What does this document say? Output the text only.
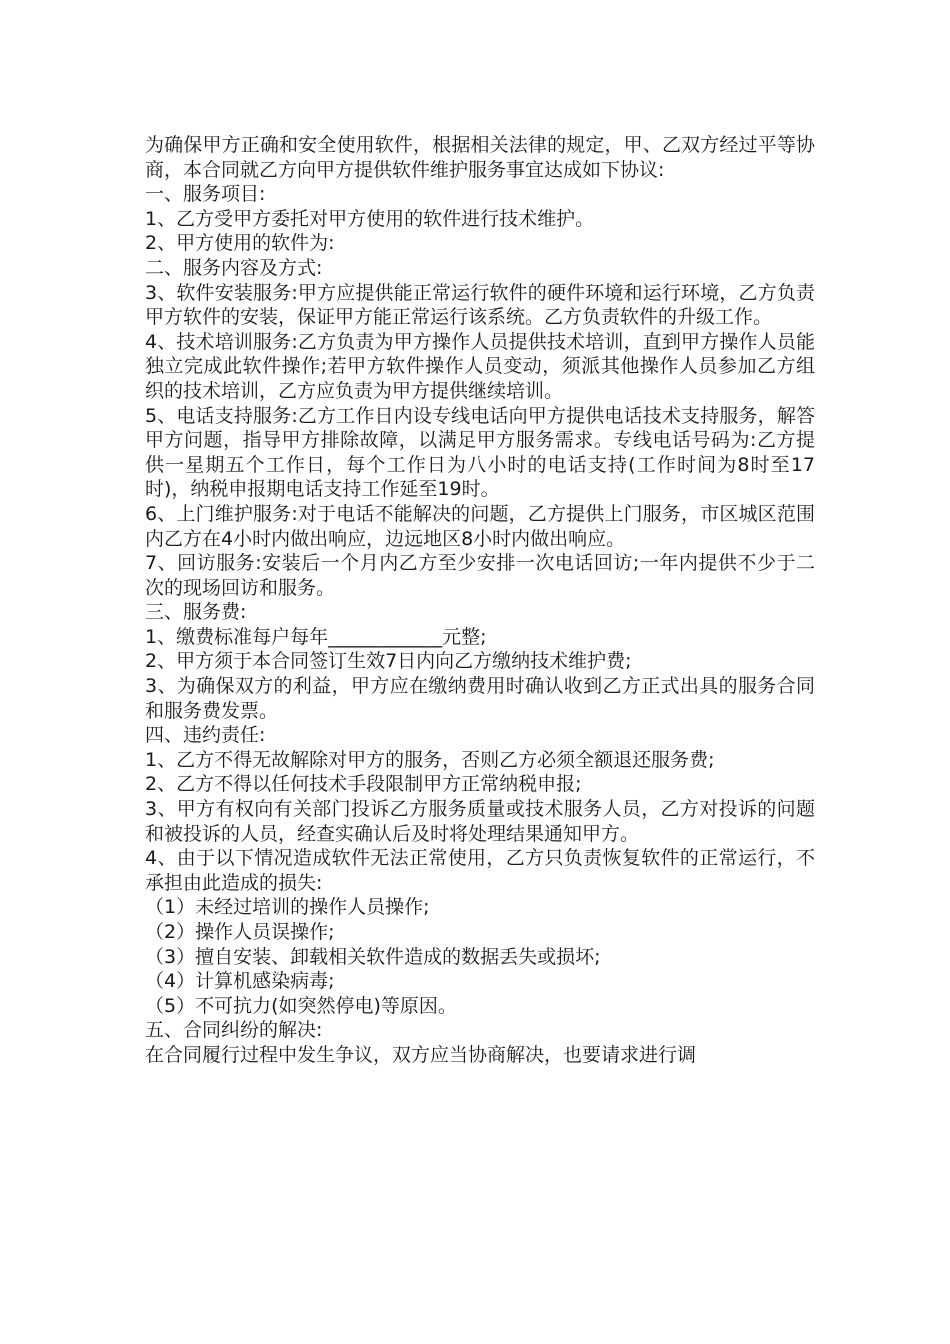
为确保甲方正确和安全使用软件，根据相关法律的规定，甲、乙双方经过平等协商，本合同就乙方向甲方提供软件维护服务事宜达成如下协议:

一、服务项目:

1、乙方受甲方委托对甲方使用的软件进行技术维护。

2、甲方使用的软件为:

二、服务内容及方式:

3、软件安装服务:甲方应提供能正常运行软件的硬件环境和运行环境，乙方负责甲方软件的安装，保证甲方能正常运行该系统。乙方负责软件的升级工作。

4、技术培训服务:乙方负责为甲方操作人员提供技术培训，直到甲方操作人员能独立完成此软件操作;若甲方软件操作人员变动，须派其他操作人员参加乙方组织的技术培训，乙方应负责为甲方提供继续培训。

5、电话支持服务:乙方工作日内设专线电话向甲方提供电话技术支持服务，解答甲方问题，指导甲方排除故障，以满足甲方服务需求。专线电话号码为:乙方提供一星期五个工作日，每个工作日为八小时的电话支持(工作时间为8时至17时)，纳税申报期电话支持工作延至19时。

6、上门维护服务:对于电话不能解决的问题，乙方提供上门服务，市区城区范围内乙方在4小时内做出响应，边远地区8小时内做出响应。

7、回访服务:安装后一个月内乙方至少安排一次电话回访;一年内提供不少于二次的现场回访和服务。

三、服务费:

1、缴费标准每户每年____________元整;

2、甲方须于本合同签订生效7日内向乙方缴纳技术维护费;

3、为确保双方的利益，甲方应在缴纳费用时确认收到乙方正式出具的服务合同和服务费发票。

四、违约责任:

1、乙方不得无故解除对甲方的服务，否则乙方必须全额退还服务费;

2、乙方不得以任何技术手段限制甲方正常纳税申报;

3、甲方有权向有关部门投诉乙方服务质量或技术服务人员，乙方对投诉的问题和被投诉的人员，经查实确认后及时将处理结果通知甲方。

4、由于以下情况造成软件无法正常使用，乙方只负责恢复软件的正常运行，不承担由此造成的损失:

（1）未经过培训的操作人员操作;

（2）操作人员误操作;

（3）擅自安装、卸载相关软件造成的数据丢失或损坏;

（4）计算机感染病毒;

（5）不可抗力(如突然停电)等原因。

五、合同纠纷的解决:

在合同履行过程中发生争议，双方应当协商解决，也要请求进行调
